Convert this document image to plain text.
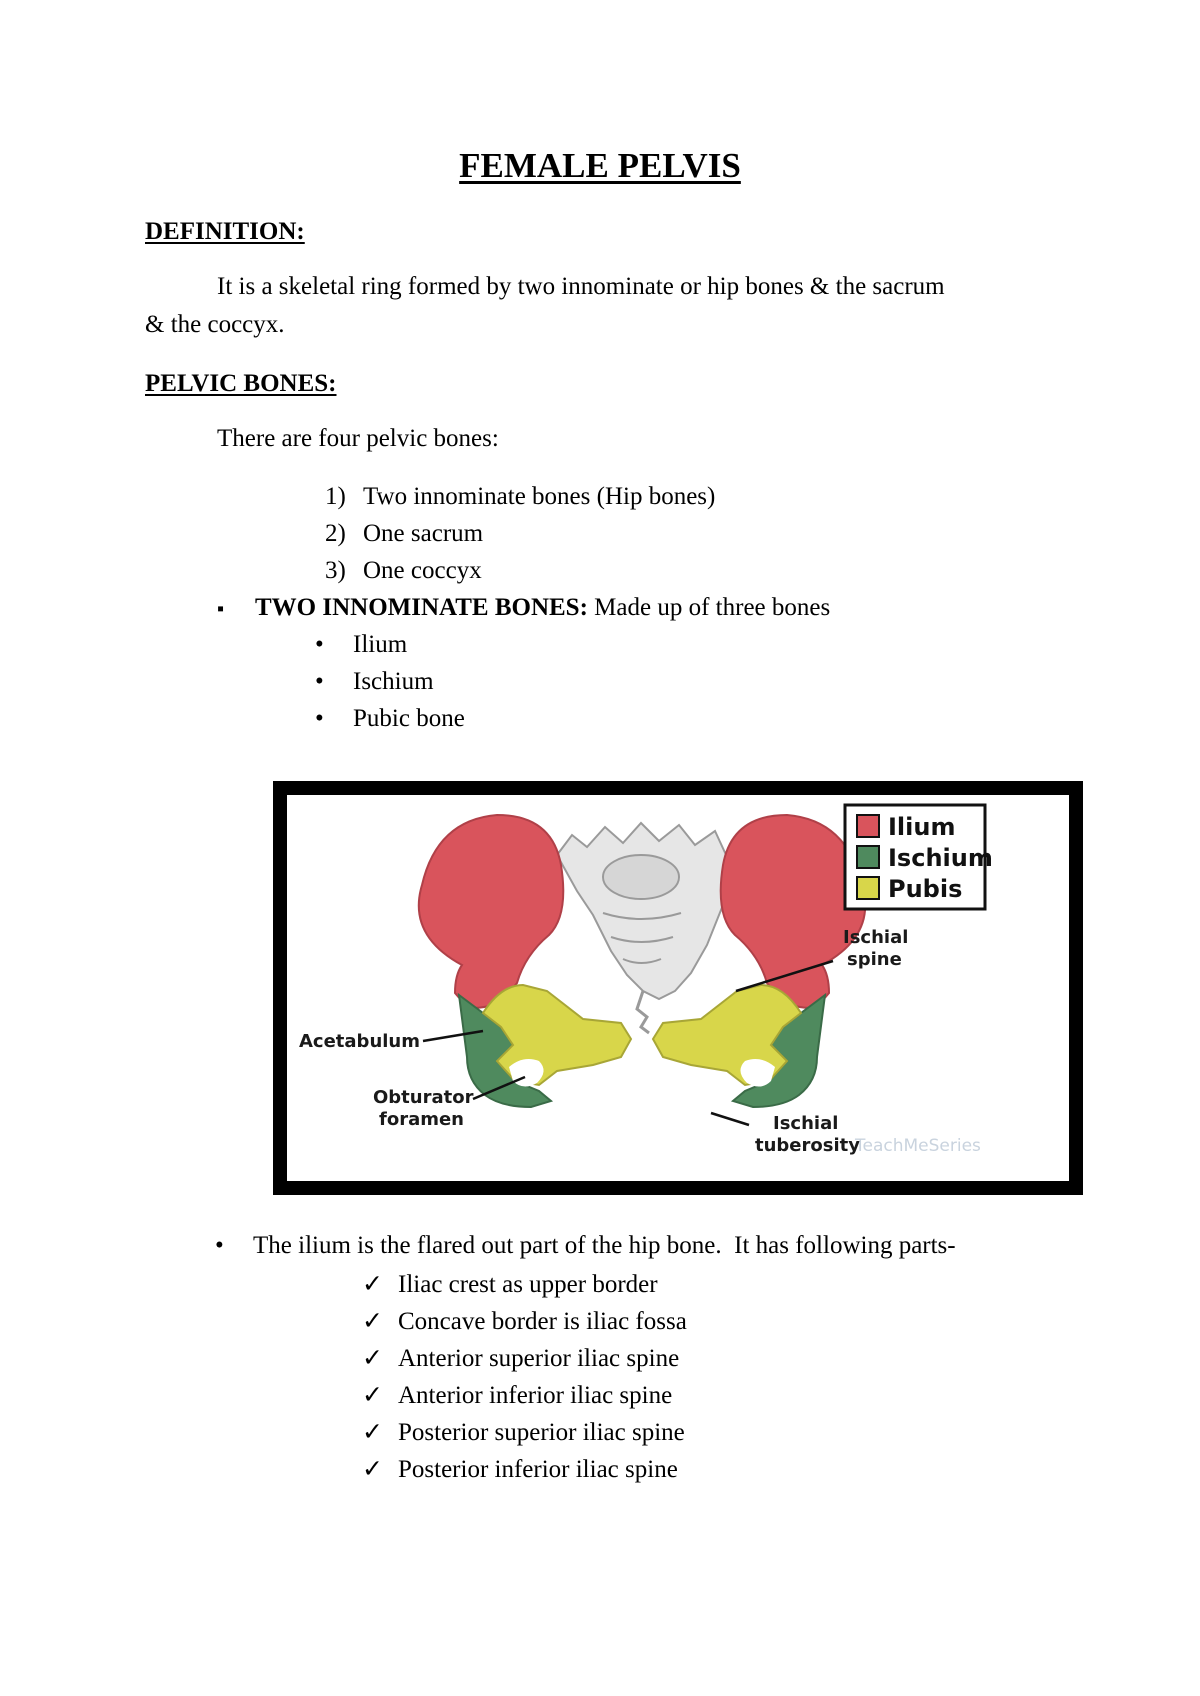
FEMALE PELVIS
DEFINITION:

It is a skeletal ring formed by two innominate or hip bones & the sacrum

& the coccyx.

PELVIC BONES:

There are four pelvic bones:

1) Two innominate bones (Hip bones)
2) One sacrum
3) One coccyx
▪	TWO INNOMINATE BONES: Made up of three bones
•	Ilium
•	Ischium
•	Pubic bone
Ilium
Ischium
Pubis
Ischial
spine
Acetabulum
Obturator
foramen	Ischial
tuberosity
TeachMeSeries
•	The ilium is the flared out part of the hip bone.  It has following parts-
✓ Iliac crest as upper border
✓ Concave border is iliac fossa
✓ Anterior superior iliac spine
✓ Anterior inferior iliac spine
✓ Posterior superior iliac spine
✓ Posterior inferior iliac spine
